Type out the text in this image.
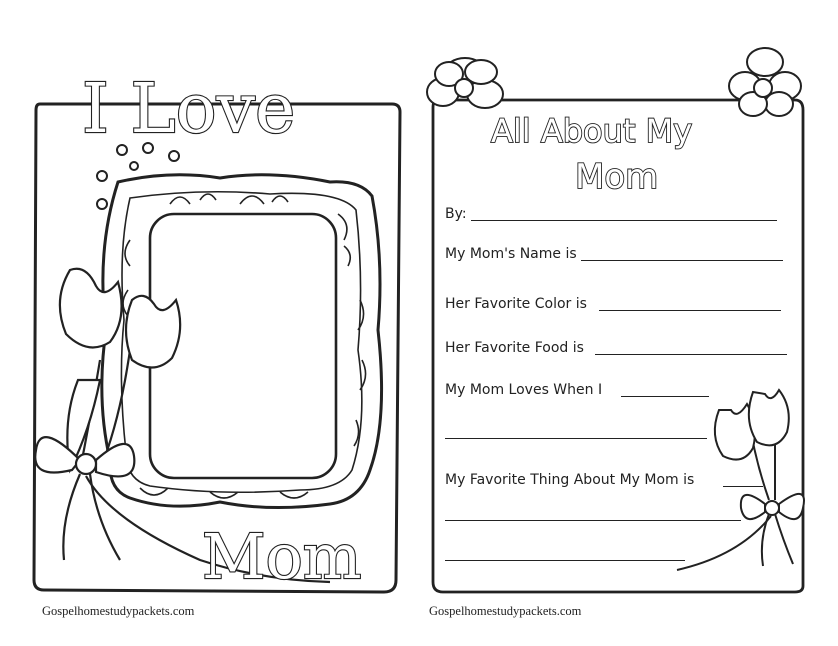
I Love
Mom
Gospelhomestudypackets.com
All About My
Mom
By:
My Mom's Name is
Her Favorite Color is
Her Favorite Food is
My Mom Loves When I
My Favorite Thing About My Mom is
Gospelhomestudypackets.com
